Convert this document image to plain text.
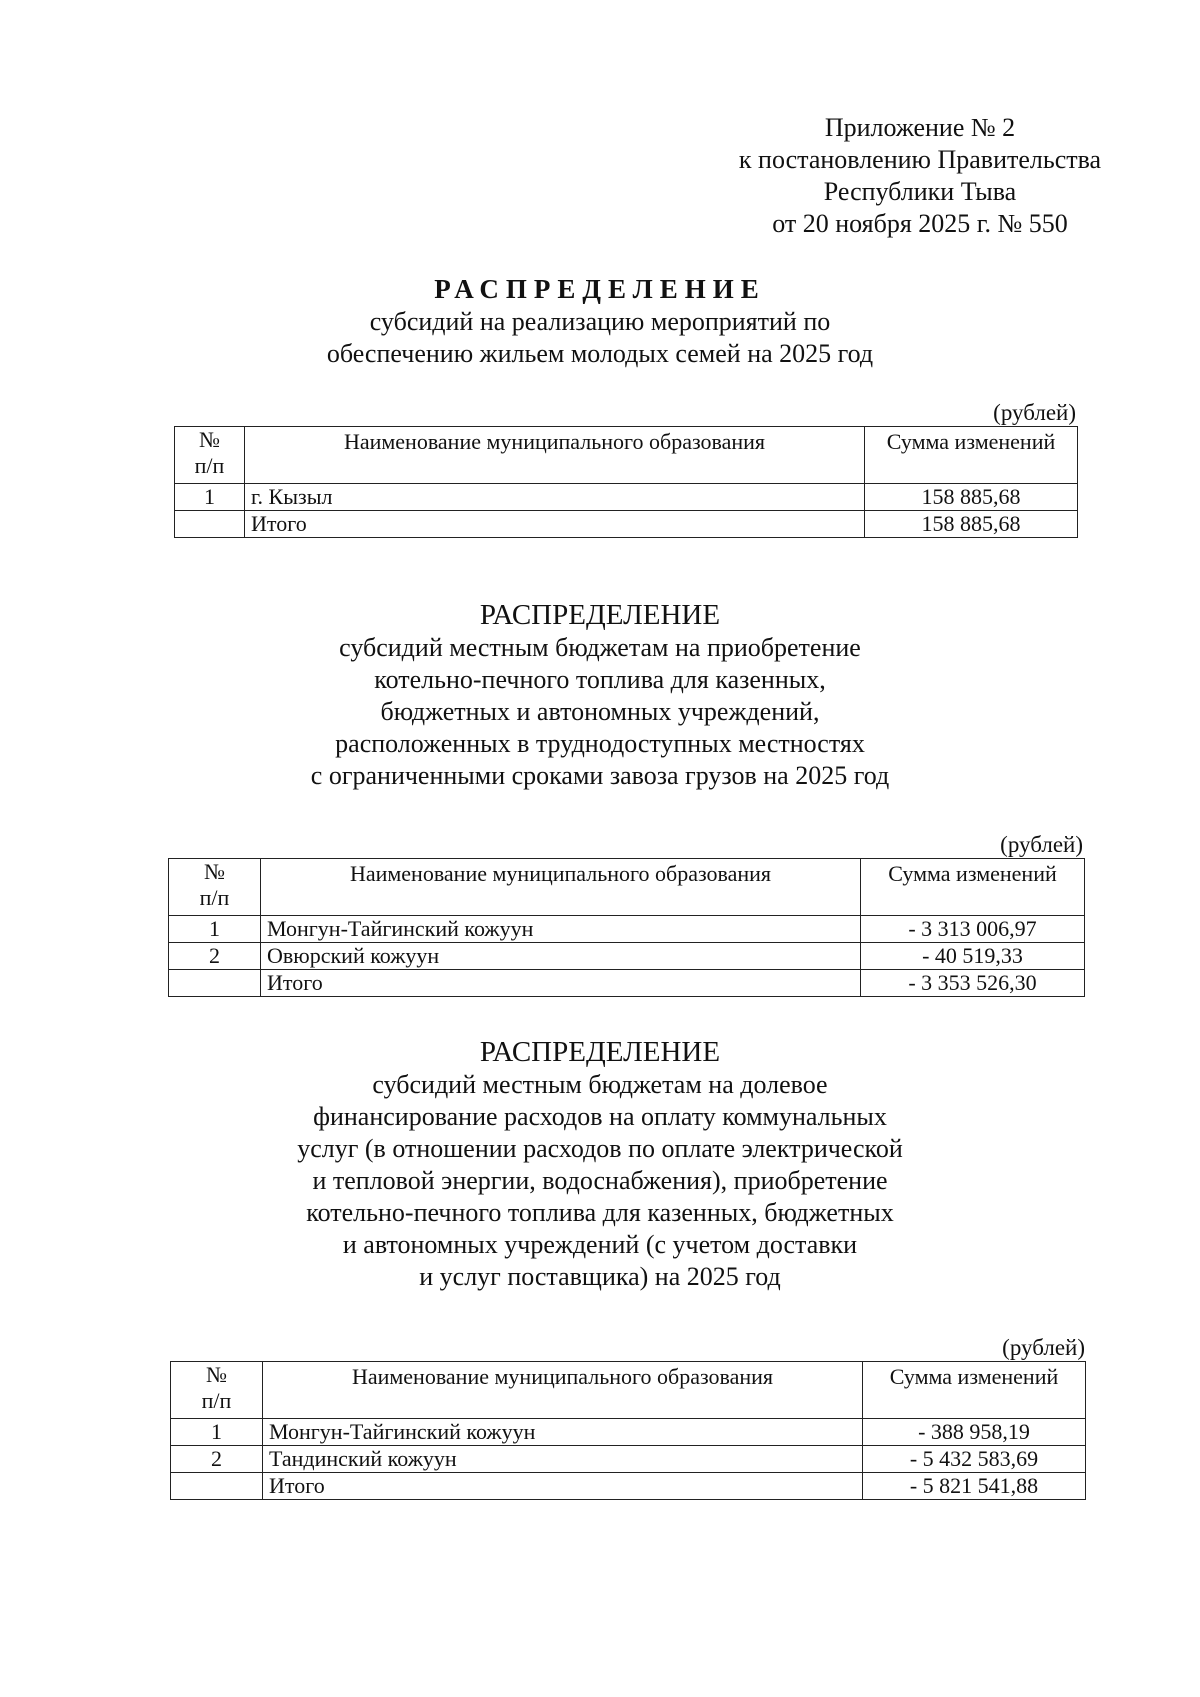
Приложение № 2
к постановлению Правительства
Республики Тыва
от 20 ноября 2025 г. № 550
РАСПРЕДЕЛЕНИЕ
субсидий на реализацию мероприятий по
обеспечению жильем молодых семей на 2025 год
(рублей)
№
п/п	Наименование муниципального образования	Сумма изменений
1	г. Кызыл	158 885,68
	Итого	158 885,68
РАСПРЕДЕЛЕНИЕ
субсидий местным бюджетам на приобретение
котельно-печного топлива для казенных,
бюджетных и автономных учреждений,
расположенных в труднодоступных местностях
с ограниченными сроками завоза грузов на 2025 год
(рублей)
№
п/п	Наименование муниципального образования	Сумма изменений
1	Монгун-Тайгинский кожуун	- 3 313 006,97
2	Овюрский кожуун	- 40 519,33
	Итого	- 3 353 526,30
РАСПРЕДЕЛЕНИЕ
субсидий местным бюджетам на долевое
финансирование расходов на оплату коммунальных
услуг (в отношении расходов по оплате электрической
и тепловой энергии, водоснабжения), приобретение
котельно-печного топлива для казенных, бюджетных
и автономных учреждений (с учетом доставки
и услуг поставщика) на 2025 год
(рублей)
№
п/п	Наименование муниципального образования	Сумма изменений
1	Монгун-Тайгинский кожуун	- 388 958,19
2	Тандинский кожуун	- 5 432 583,69
	Итого	- 5 821 541,88
